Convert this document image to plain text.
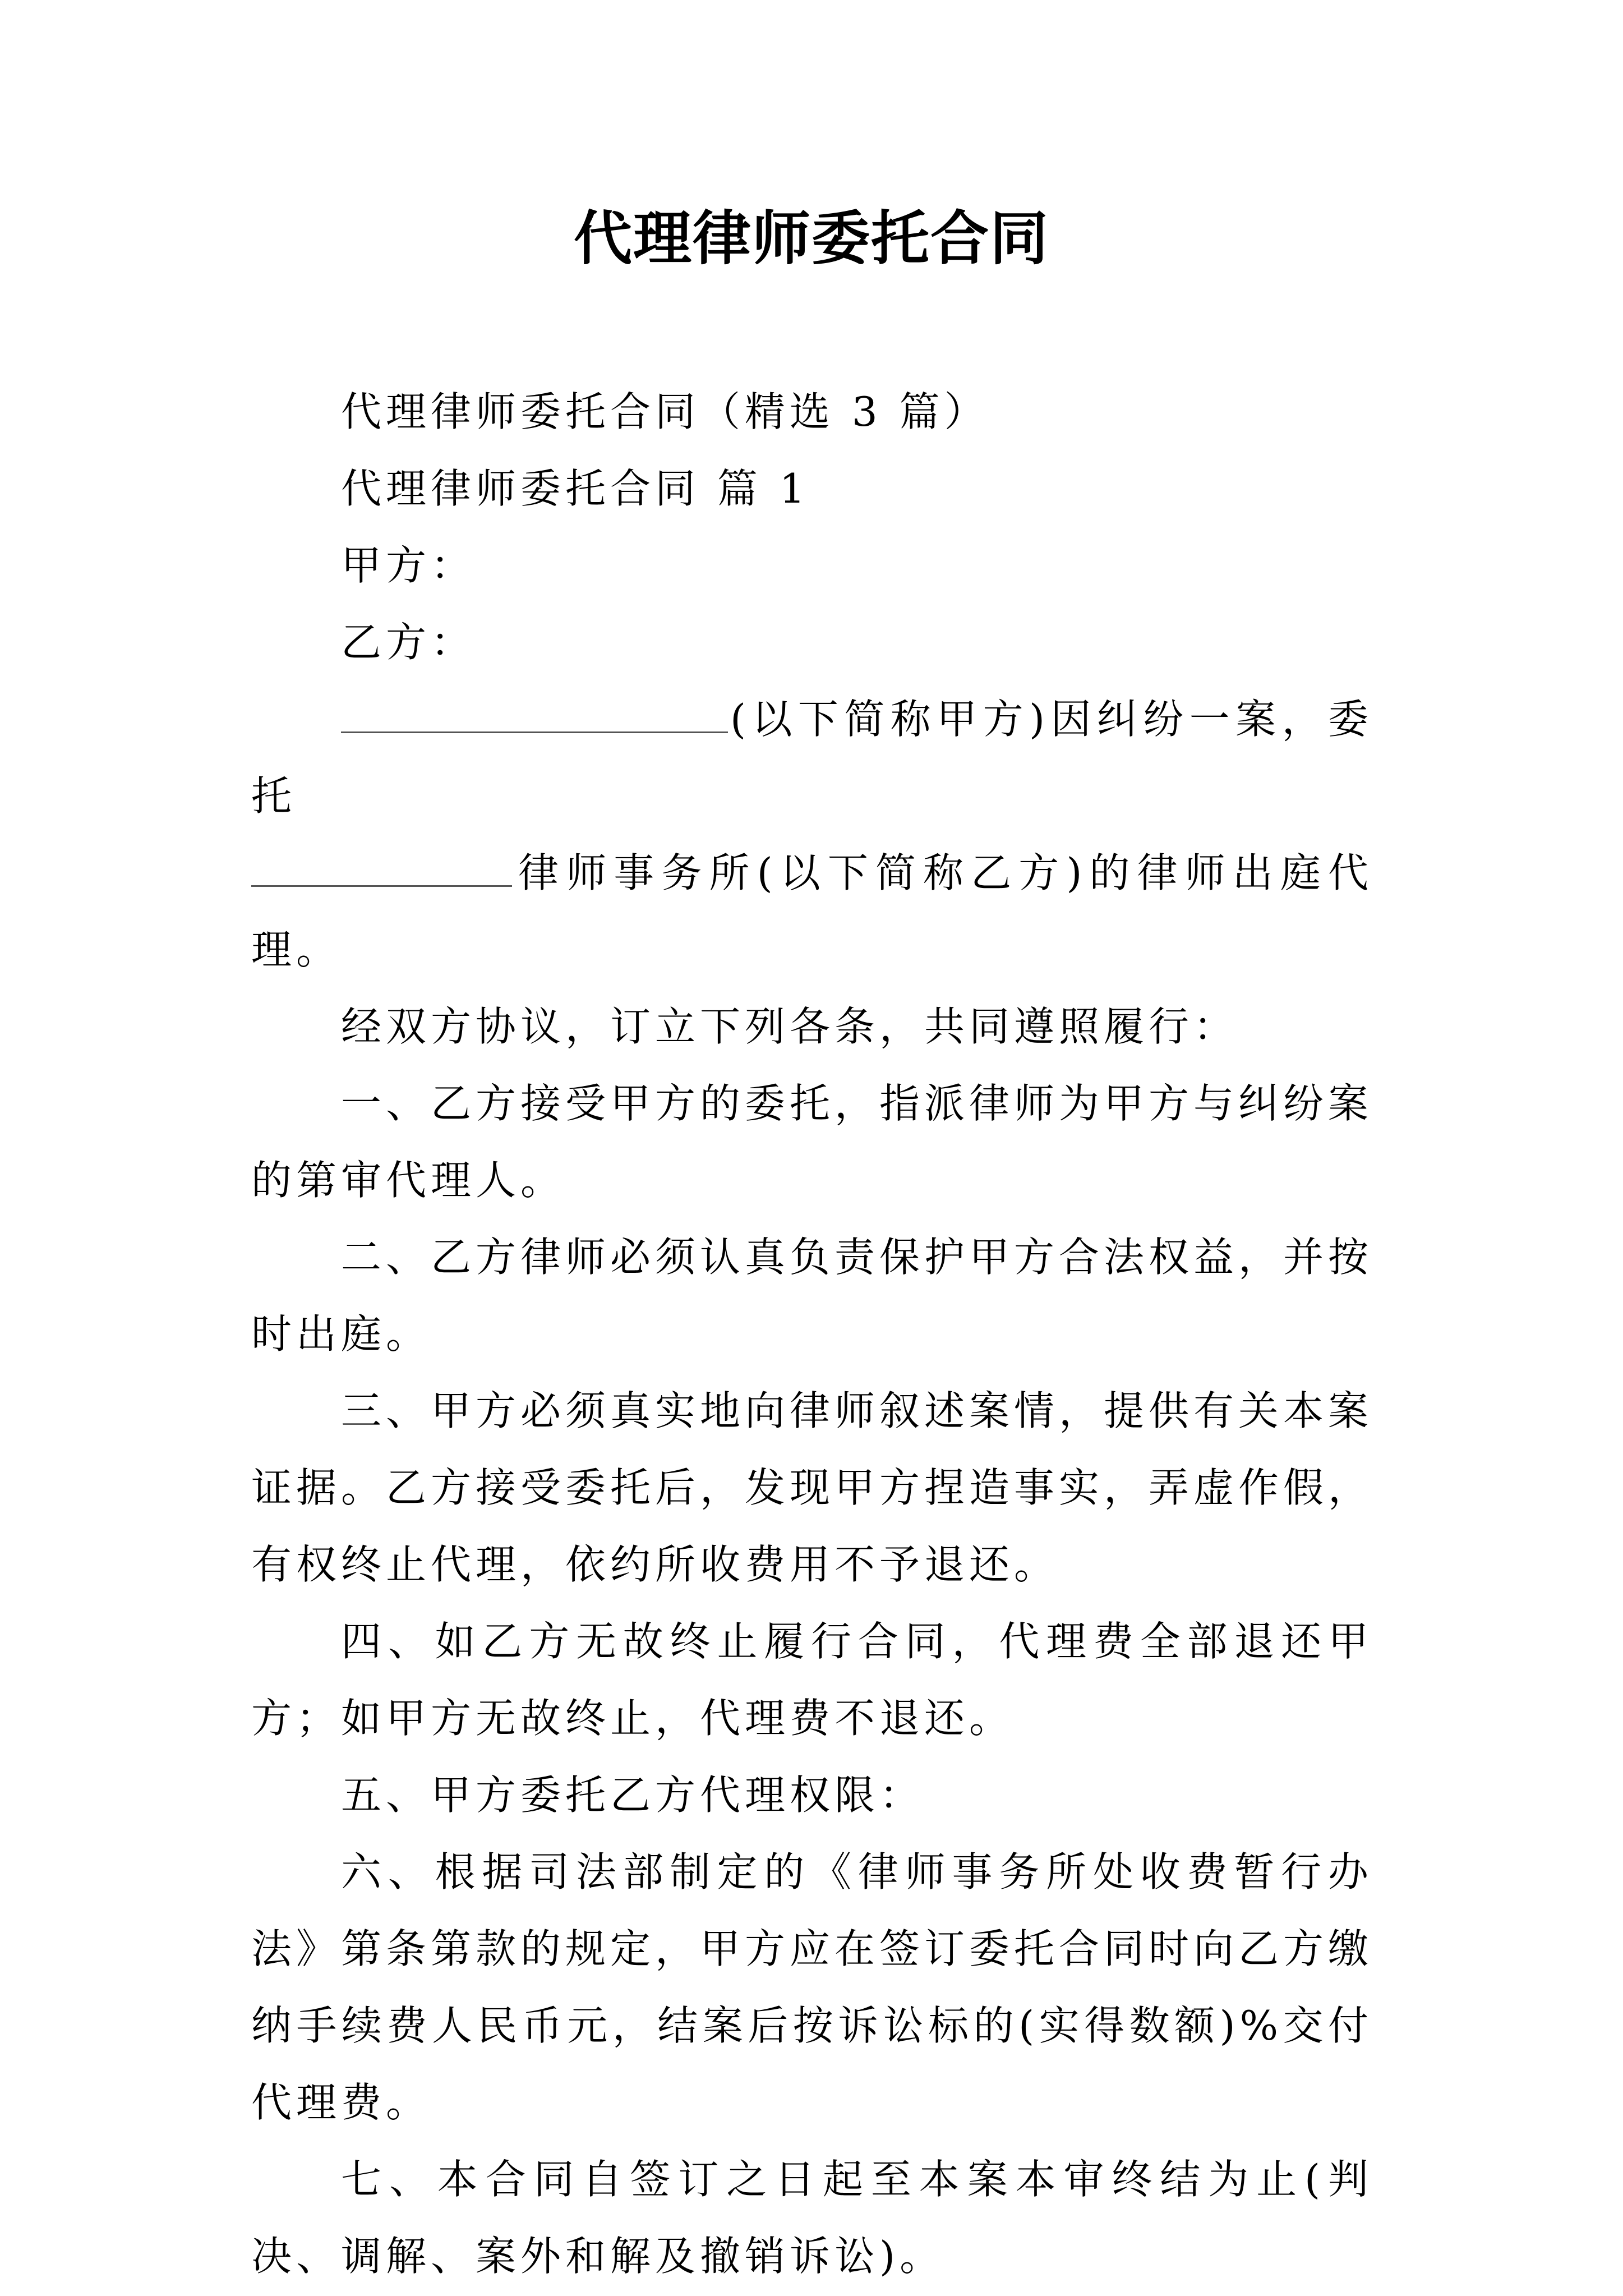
代理律师委托合同

代理律师委托合同（精选 3 篇）

代理律师委托合同 篇 1

甲方：

乙方：

(以下简称甲方)因纠纷一案，委托
律师事务所(以下简称乙方)的律师出庭代理。

经双方协议，订立下列各条，共同遵照履行：

一、乙方接受甲方的委托，指派律师为甲方与纠纷案的第审代理人。

二、乙方律师必须认真负责保护甲方合法权益，并按时出庭。

三、甲方必须真实地向律师叙述案情，提供有关本案证据。乙方接受委托后，发现甲方捏造事实，弄虚作假，有权终止代理，依约所收费用不予退还。

四、如乙方无故终止履行合同，代理费全部退还甲方；如甲方无故终止，代理费不退还。

五、甲方委托乙方代理权限：

六、根据司法部制定的《律师事务所处收费暂行办法》第条第款的规定，甲方应在签订委托合同时向乙方缴纳手续费人民币元，结案后按诉讼标的(实得数额)%交付代理费。

七、本合同自签订之日起至本案本审终结为止(判决、调解、案外和解及撤销诉讼)。
